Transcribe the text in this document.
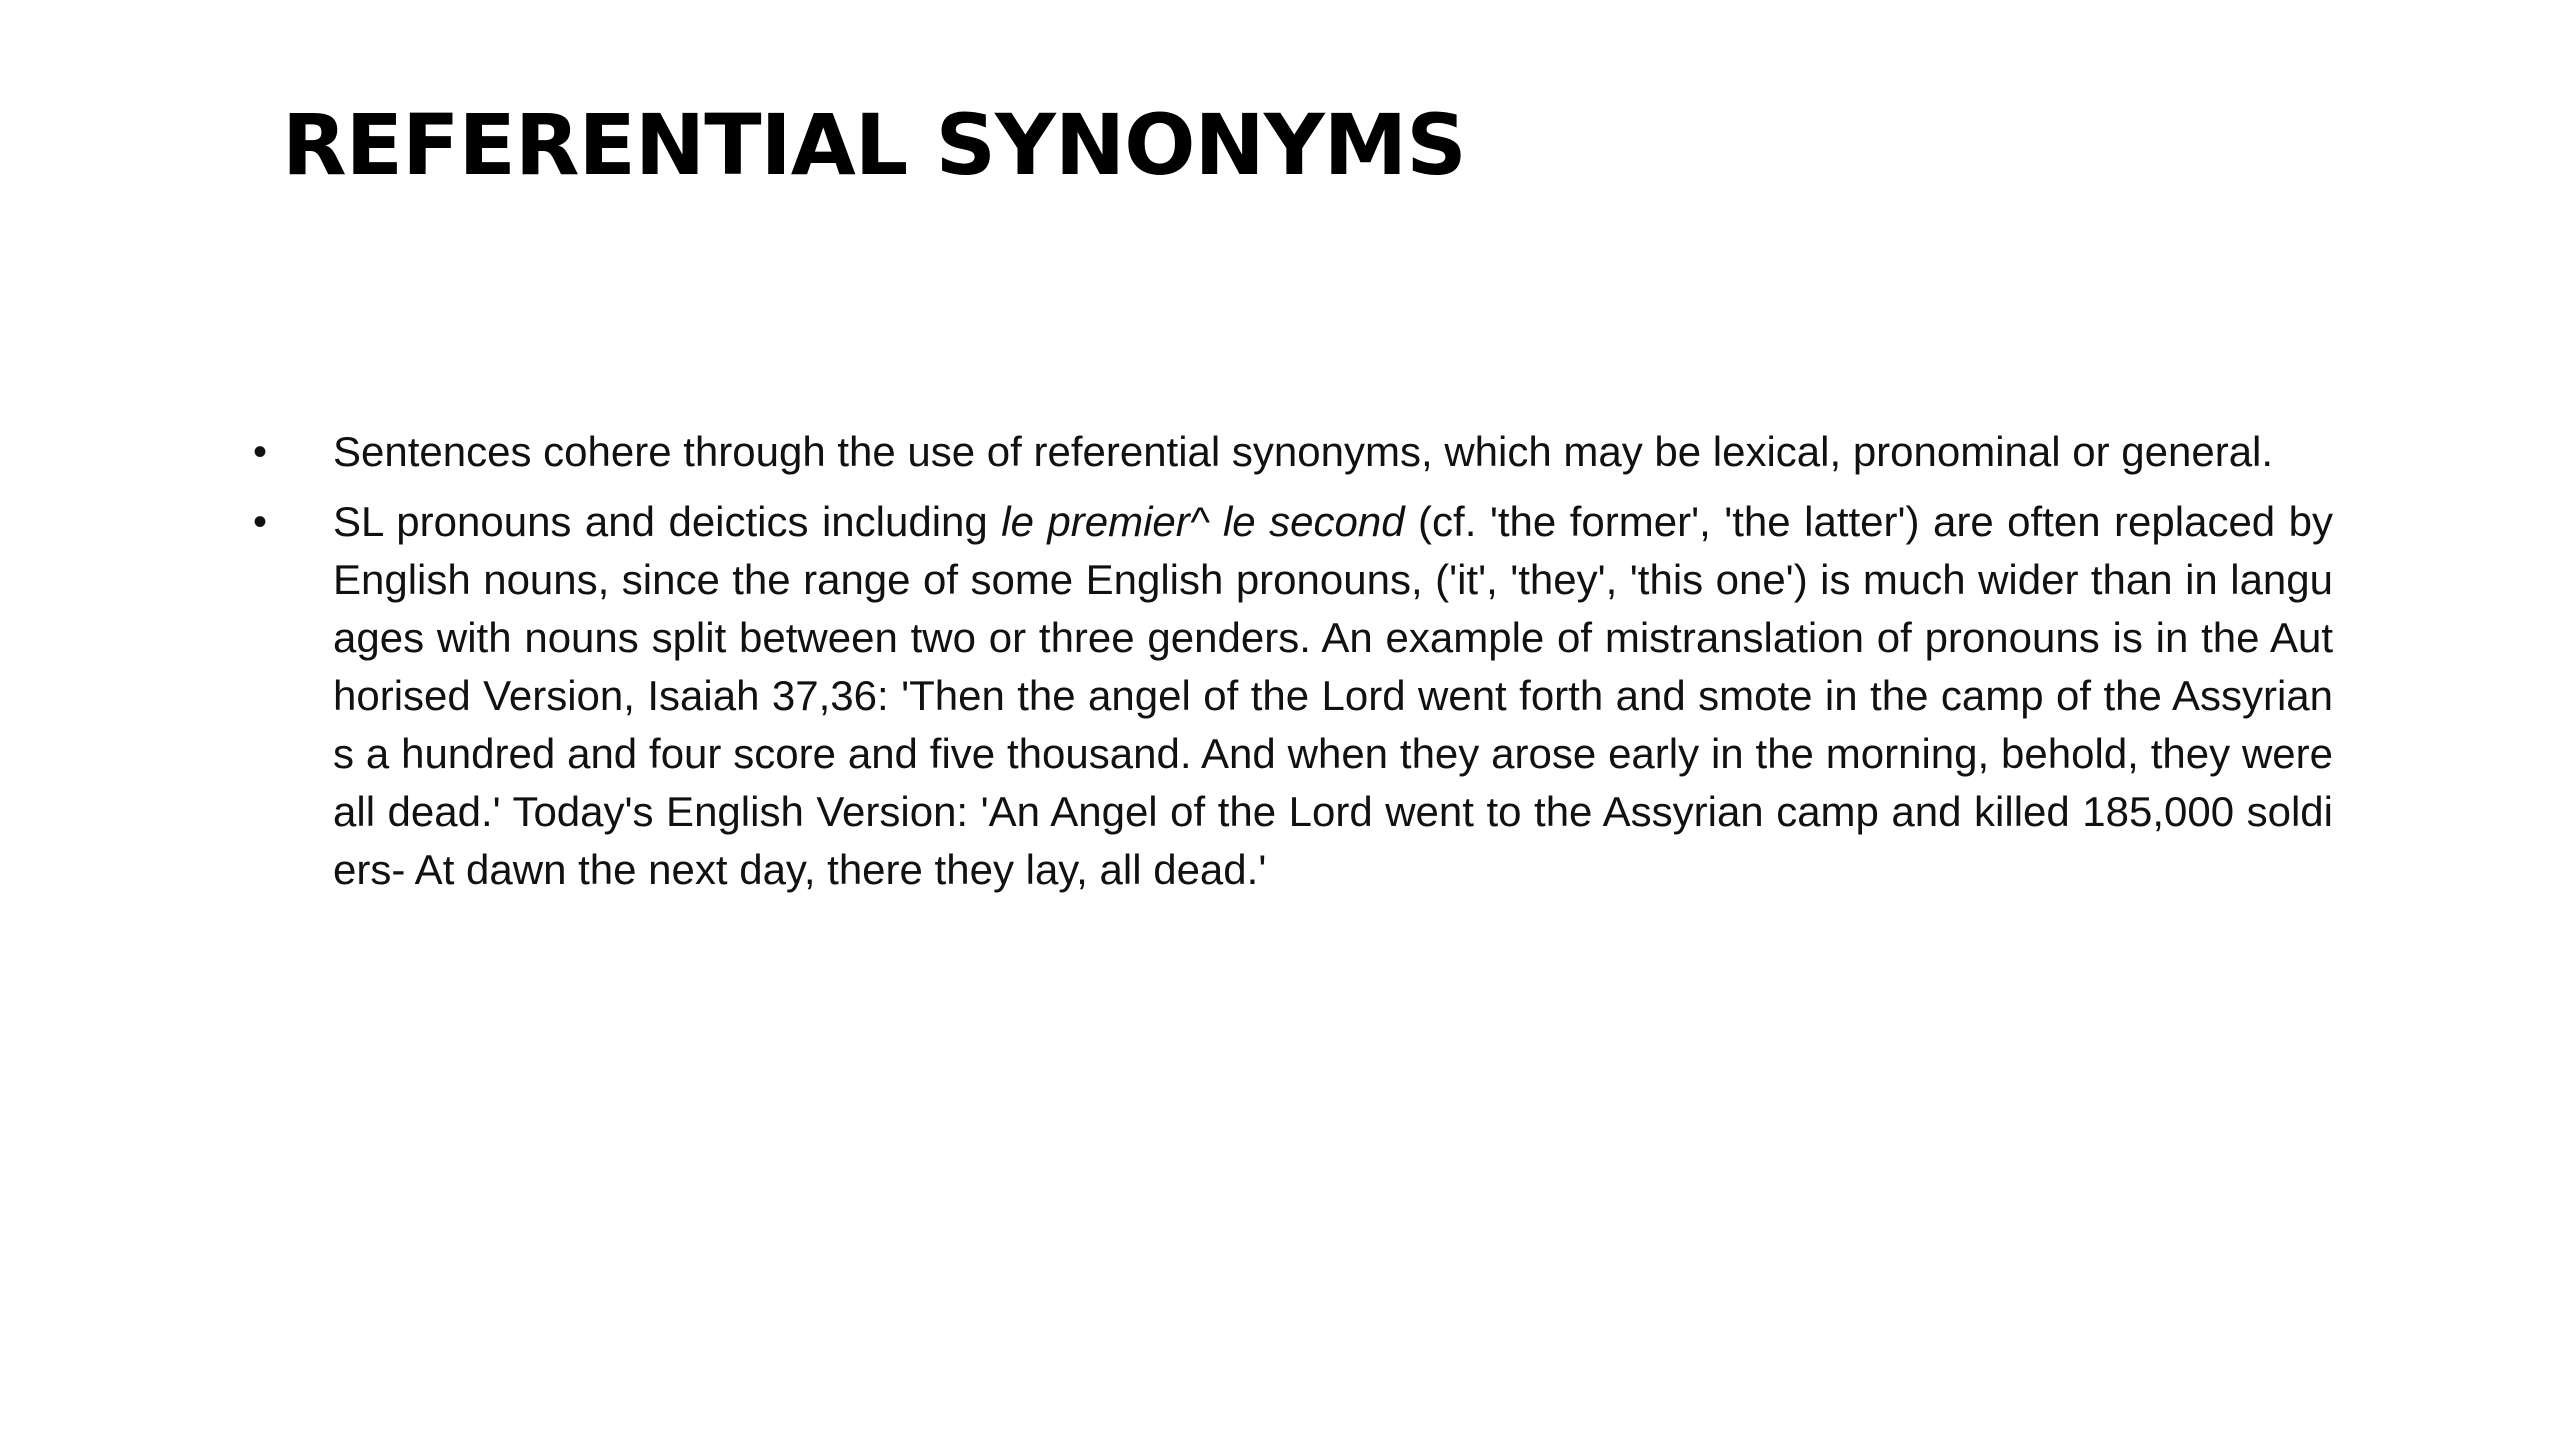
REFERENTIAL SYNONYMS
•	Sentences cohere through the use of referential synonyms, which may be lexical, pronominal or general.
•	SL pronouns and deictics including le premier^ le second (cf. 'the former', 'the latter') are often replaced by English nouns, since the range of some English pronouns, ('it', 'they', 'this one') is much wider than in languages with nouns split between two or three genders. An example of mistranslation of pronouns is in the Authorised Version, Isaiah 37,36: 'Then the angel of the Lord went forth and smote in the camp of the Assyrians a hundred and four score and five thousand. And when they arose early in the morning, behold, they were all dead.' Today's English Version: 'An Angel of the Lord went to the Assyrian camp and killed 185,000 soldiers- At dawn the next day, there they lay, all dead.'
